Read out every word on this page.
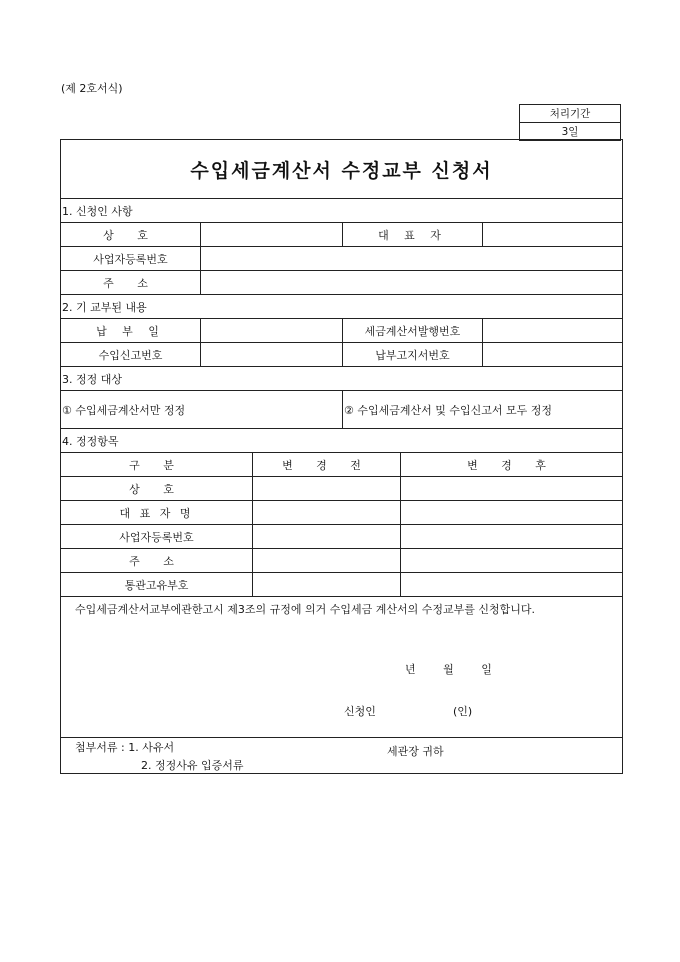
(제 2호서식)
처리기간
3일
수입세금계산서 수정교부 신청서					
1. 신청인 사항					
상 호			대 표 자		
사업자등록번호					
주 소					
2. 기 교부된 내용					
납 부 일			세금계산서발행번호		
수입신고번호			납부고지서번호		
3. 정정 대상					
① 수입세금계산서만 정정			② 수입세금계산서 및 수입신고서 모두 정정		
4. 정정항목					
구 분		변 경 전		변 경 후	
상 호					
대 표 자 명					
사업자등록번호					
주 소					
통관고유부호					

수입세금계산서교부에관한고시 제3조의 규정에 의거 수입세금 계산서의 수정교부를 신청합니다.
년 월 일
신청인 (인)
세관장 귀하					

첨부서류 : 1. 사유서
2. 정정사유 입증서류					
